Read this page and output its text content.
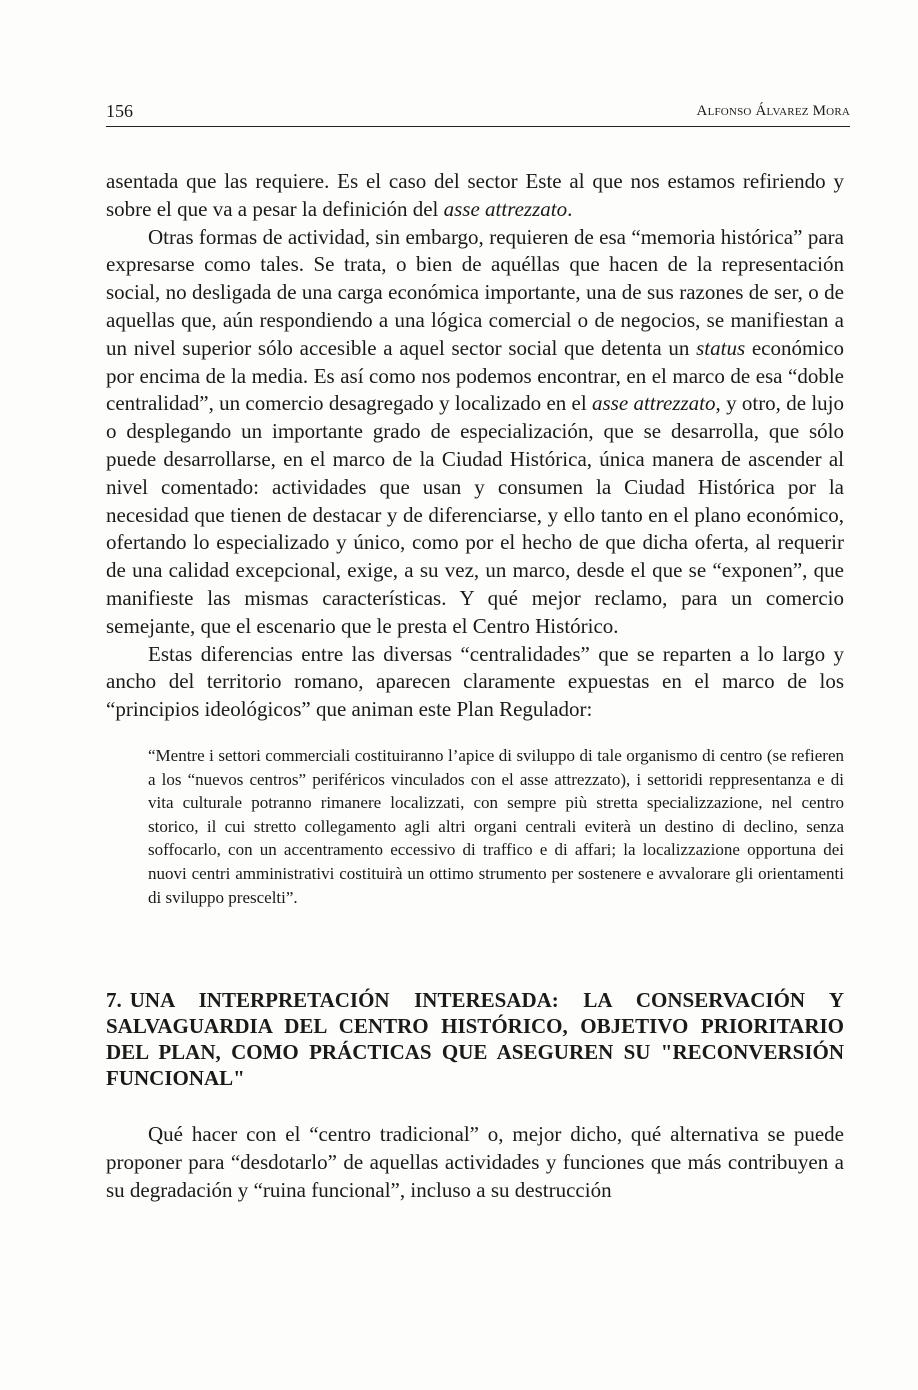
156	Alfonso Álvarez Mora

asentada que las requiere. Es el caso del sector Este al que nos estamos refiriendo y sobre el que va a pesar la definición del asse attrezzato.

Otras formas de actividad, sin embargo, requieren de esa “memoria histórica” para expresarse como tales. Se trata, o bien de aquéllas que hacen de la representación social, no desligada de una carga económica importante, una de sus razones de ser, o de aquellas que, aún respondiendo a una lógica comercial o de negocios, se manifiestan a un nivel superior sólo accesible a aquel sector social que detenta un status económico por encima de la media. Es así como nos podemos encontrar, en el marco de esa “doble centralidad”, un comercio desagregado y localizado en el asse attrezzato, y otro, de lujo o desplegando un importante grado de especialización, que se desarrolla, que sólo puede desarrollarse, en el marco de la Ciudad Histórica, única manera de ascender al nivel comentado: actividades que usan y consumen la Ciudad Histórica por la necesidad que tienen de destacar y de diferenciarse, y ello tanto en el plano económico, ofertando lo especializado y único, como por el hecho de que dicha oferta, al requerir de una calidad excepcional, exige, a su vez, un marco, desde el que se “exponen”, que manifieste las mismas características. Y qué mejor reclamo, para un comercio semejante, que el escenario que le presta el Centro Histórico.

Estas diferencias entre las diversas “centralidades” que se reparten a lo largo y ancho del territorio romano, aparecen claramente expuestas en el marco de los “principios ideológicos” que animan este Plan Regulador:

“Mentre i settori commerciali costituiranno l’apice di sviluppo di tale organismo di centro (se refieren a los “nuevos centros” periféricos vinculados con el asse attrezzato), i settoridi reppresentanza e di vita culturale potranno rimanere localizzati, con sempre più stretta specializzazione, nel centro storico, il cui stretto collegamento agli altri organi centrali eviterà un destino di declino, senza soffocarlo, con un accentramento eccessivo di traffico e di affari; la localizzazione opportuna dei nuovi centri amministrativi costituirà un ottimo strumento per sostenere e avvalorare gli orientamenti di sviluppo prescelti”.

7. UNA INTERPRETACIÓN INTERESADA: LA CONSERVACIÓN Y SALVAGUARDIA DEL CENTRO HISTÓRICO, OBJETIVO PRIORITARIO DEL PLAN, COMO PRÁCTICAS QUE ASEGUREN SU "RECONVERSIÓN FUNCIONAL"

Qué hacer con el “centro tradicional” o, mejor dicho, qué alternativa se puede proponer para “desdotarlo” de aquellas actividades y funciones que más contribuyen a su degradación y “ruina funcional”, incluso a su destrucción
